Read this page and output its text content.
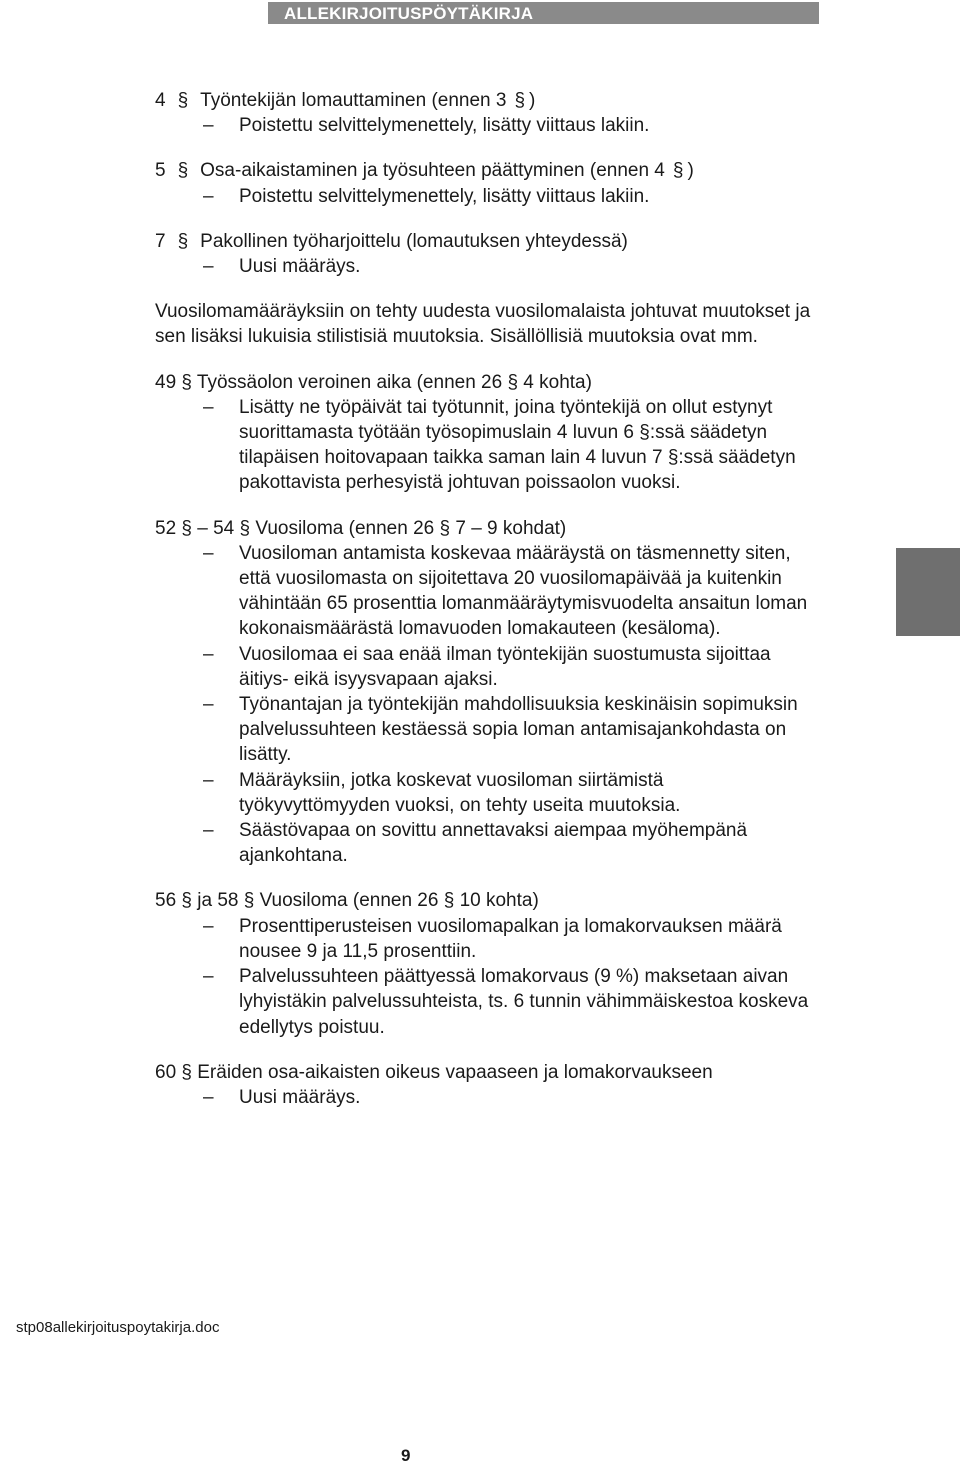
ALLEKIRJOITUSPÖYTÄKIRJA
4 § Työntekijän lomauttaminen (ennen 3 § )
– Poistettu selvittelymenettely, lisätty viittaus lakiin.
5 § Osa-aikaistaminen ja työsuhteen päättyminen (ennen 4 § )
– Poistettu selvittelymenettely, lisätty viittaus lakiin.
7 § Pakollinen työharjoittelu (lomautuksen yhteydessä)
– Uusi määräys.
Vuosilomamääräyksiin on tehty uudesta vuosilomalaista johtuvat muutokset ja sen lisäksi lukuisia stilistisiä muutoksia. Sisällöllisiä muutoksia ovat mm.
49 § Työssäolon veroinen aika (ennen 26 § 4 kohta)
– Lisätty ne työpäivät tai työtunnit, joina työntekijä on ollut estynyt suorittamasta työtään työsopimuslain 4 luvun 6 §:ssä säädetyn tilapäisen hoitovapaan taikka saman lain 4 luvun 7 §:ssä säädetyn pakottavista perhesyistä johtuvan poissaolon vuoksi.
52 § – 54 § Vuosiloma (ennen 26 § 7 – 9 kohdat)
– Vuosiloman antamista koskevaa määräystä on täsmennetty siten, että vuosilomasta on sijoitettava 20 vuosilomapäivää ja kuitenkin vähintään 65 prosenttia lomanmääräytymisvuodelta ansaitun loman kokonaismäärästä lomavuoden lomakauteen (kesäloma).
– Vuosilomaa ei saa enää ilman työntekijän suostumusta sijoittaa äitiys- eikä isyysvapaan ajaksi.
– Työnantajan ja työntekijän mahdollisuuksia keskinäisin sopimuksin palvelussuhteen kestäessä sopia loman antamisajankohdasta on lisätty.
– Määräyksiin, jotka koskevat vuosiloman siirtämistä työkyvyttömyyden vuoksi, on tehty useita muutoksia.
– Säästövapaa on sovittu annettavaksi aiempaa myöhempänä ajankohtana.
56 § ja 58 § Vuosiloma (ennen 26 § 10 kohta)
– Prosenttiperusteisen vuosilomapalkan ja lomakorvauksen määrä nousee 9 ja 11,5 prosenttiin.
– Palvelussuhteen päättyessä lomakorvaus (9 %) maksetaan aivan lyhyistäkin palvelussuhteista, ts. 6 tunnin vähimmäiskestoa koskeva edellytys poistuu.
60 § Eräiden osa-aikaisten oikeus vapaaseen ja lomakorvaukseen
– Uusi määräys.
stp08allekirjoituspoytakirja.doc
9
